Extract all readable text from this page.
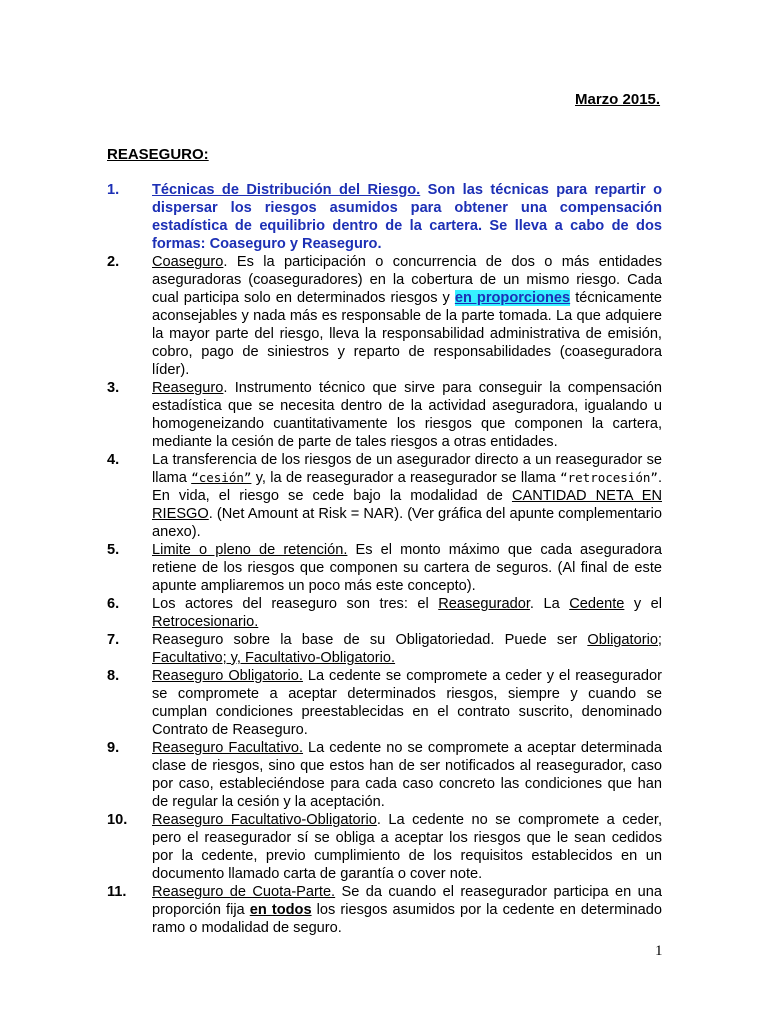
Marzo 2015.
REASEGURO:
1. Técnicas de Distribución del Riesgo. Son las técnicas para repartir o dispersar los riesgos asumidos para obtener una compensación estadística de equilibrio dentro de la cartera. Se lleva a cabo de dos formas: Coaseguro y Reaseguro.
2. Coaseguro. Es la participación o concurrencia de dos o más entidades aseguradoras (coaseguradores) en la cobertura de un mismo riesgo. Cada cual participa solo en determinados riesgos y en proporciones técnicamente aconsejables y nada más es responsable de la parte tomada. La que adquiere la mayor parte del riesgo, lleva la responsabilidad administrativa de emisión, cobro, pago de siniestros y reparto de responsabilidades (coaseguradora líder).
3. Reaseguro. Instrumento técnico que sirve para conseguir la compensación estadística que se necesita dentro de la actividad aseguradora, igualando u homogeneizando cuantitativamente los riesgos que componen la cartera, mediante la cesión de parte de tales riesgos a otras entidades.
4. La transferencia de los riesgos de un asegurador directo a un reasegurador se llama “cesión” y, la de reasegurador a reasegurador se llama “retrocesión”. En vida, el riesgo se cede bajo la modalidad de CANTIDAD NETA EN RIESGO. (Net Amount at Risk = NAR). (Ver gráfica del apunte complementario anexo).
5. Limite o pleno de retención. Es el monto máximo que cada aseguradora retiene de los riesgos que componen su cartera de seguros. (Al final de este apunte ampliaremos un poco más este concepto).
6. Los actores del reaseguro son tres: el Reasegurador. La Cedente y el Retrocesionario.
7. Reaseguro sobre la base de su Obligatoriedad. Puede ser Obligatorio; Facultativo; y, Facultativo-Obligatorio.
8. Reaseguro Obligatorio. La cedente se compromete a ceder y el reasegurador se compromete a aceptar determinados riesgos, siempre y cuando se cumplan condiciones preestablecidas en el contrato suscrito, denominado Contrato de Reaseguro.
9. Reaseguro Facultativo. La cedente no se compromete a aceptar determinada clase de riesgos, sino que estos han de ser notificados al reasegurador, caso por caso, estableciéndose para cada caso concreto las condiciones que han de regular la cesión y la aceptación.
10. Reaseguro Facultativo-Obligatorio. La cedente no se compromete a ceder, pero el reasegurador sí se obliga a aceptar los riesgos que le sean cedidos por la cedente, previo cumplimiento de los requisitos establecidos en un documento llamado carta de garantía o cover note.
11. Reaseguro de Cuota-Parte. Se da cuando el reasegurador participa en una proporción fija en todos los riesgos asumidos por la cedente en determinado ramo o modalidad de seguro.
1
